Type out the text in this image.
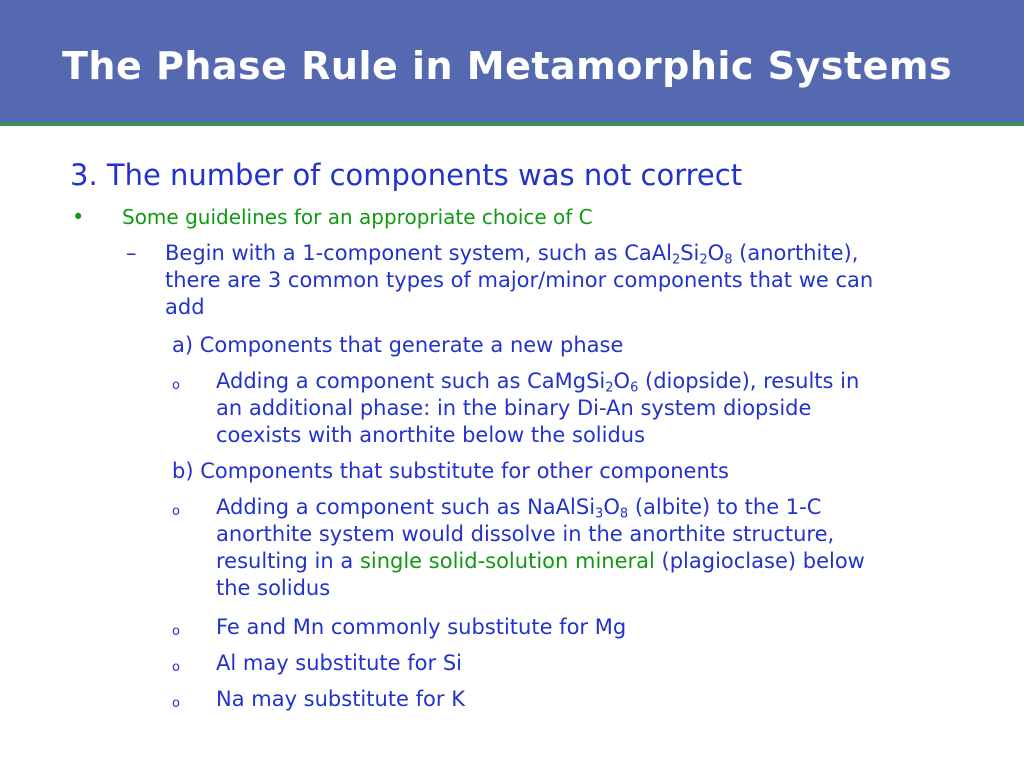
The Phase Rule in Metamorphic Systems
3. The number of components was not correct
• Some guidelines for an appropriate choice of C
– Begin with a 1-component system, such as $CaAl_2Si_2O_8$ (anorthite),
there are 3 common types of major/minor components that we can
add
a) Components that generate a new phase
o Adding a component such as $CaMgSi_2O_6$ (diopside), results in
an additional phase: in the binary Di-An system diopside
coexists with anorthite below the solidus
b) Components that substitute for other components
o Adding a component such as $NaAlSi_3O_8$ (albite) to the 1-C
anorthite system would dissolve in the anorthite structure,
resulting in a single solid-solution mineral (plagioclase) below
the solidus
o Fe and Mn commonly substitute for Mg
o Al may substitute for Si
o Na may substitute for K
